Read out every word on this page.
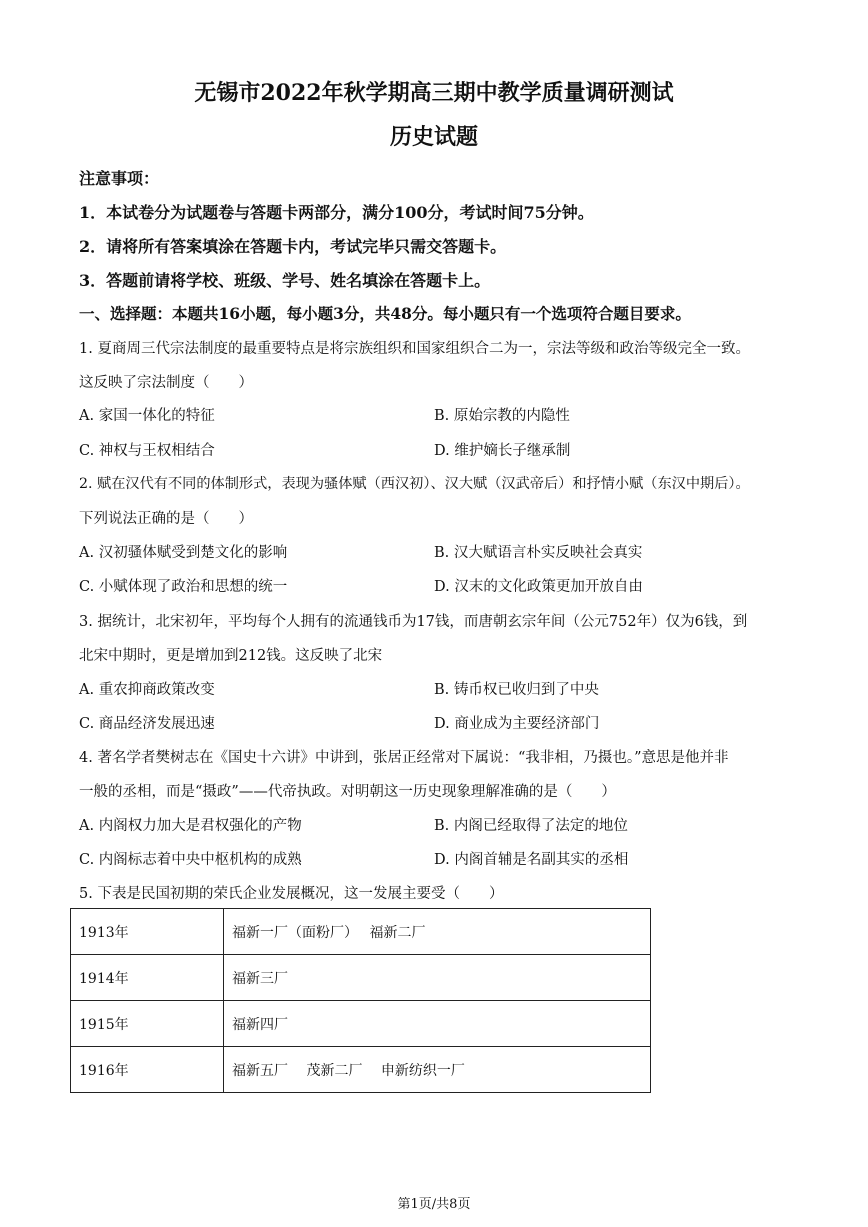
无锡市2022年秋学期高三期中教学质量调研测试
历史试题
注意事项：
1．本试卷分为试题卷与答题卡两部分，满分100分，考试时间75分钟。
2．请将所有答案填涂在答题卡内，考试完毕只需交答题卡。
3．答题前请将学校、班级、学号、姓名填涂在答题卡上。
一、选择题：本题共16小题，每小题3分，共48分。每小题只有一个选项符合题目要求。
1. 夏商周三代宗法制度的最重要特点是将宗族组织和国家组织合二为一，宗法等级和政治等级完全一致。
这反映了宗法制度（　　）
A. 家国一体化的特征	B. 原始宗教的内隐性
C. 神权与王权相结合	D. 维护嫡长子继承制
2. 赋在汉代有不同的体制形式，表现为骚体赋（西汉初）、汉大赋（汉武帝后）和抒情小赋（东汉中期后）。
下列说法正确的是（　　）
A. 汉初骚体赋受到楚文化的影响	B. 汉大赋语言朴实反映社会真实
C. 小赋体现了政治和思想的统一	D. 汉末的文化政策更加开放自由
3. 据统计，北宋初年，平均每个人拥有的流通钱币为17钱，而唐朝玄宗年间（公元752年）仅为6钱，到
北宋中期时，更是增加到212钱。这反映了北宋
A. 重农抑商政策改变	B. 铸币权已收归到了中央
C. 商品经济发展迅速	D. 商业成为主要经济部门
4. 著名学者樊树志在《国史十六讲》中讲到，张居正经常对下属说：“我非相，乃摄也。”意思是他并非
一般的丞相，而是“摄政”——代帝执政。对明朝这一历史现象理解准确的是（　　）
A. 内阁权力加大是君权强化的产物	B. 内阁已经取得了法定的地位
C. 内阁标志着中央中枢机构的成熟	D. 内阁首辅是名副其实的丞相
5. 下表是民国初期的荣氏企业发展概况，这一发展主要受（　　）
1913年	福新一厂（面粉厂）　 福新二厂
1914年	福新三厂
1915年	福新四厂
1916年	福新五厂　 茂新二厂　 申新纺织一厂
第1页/共8页
